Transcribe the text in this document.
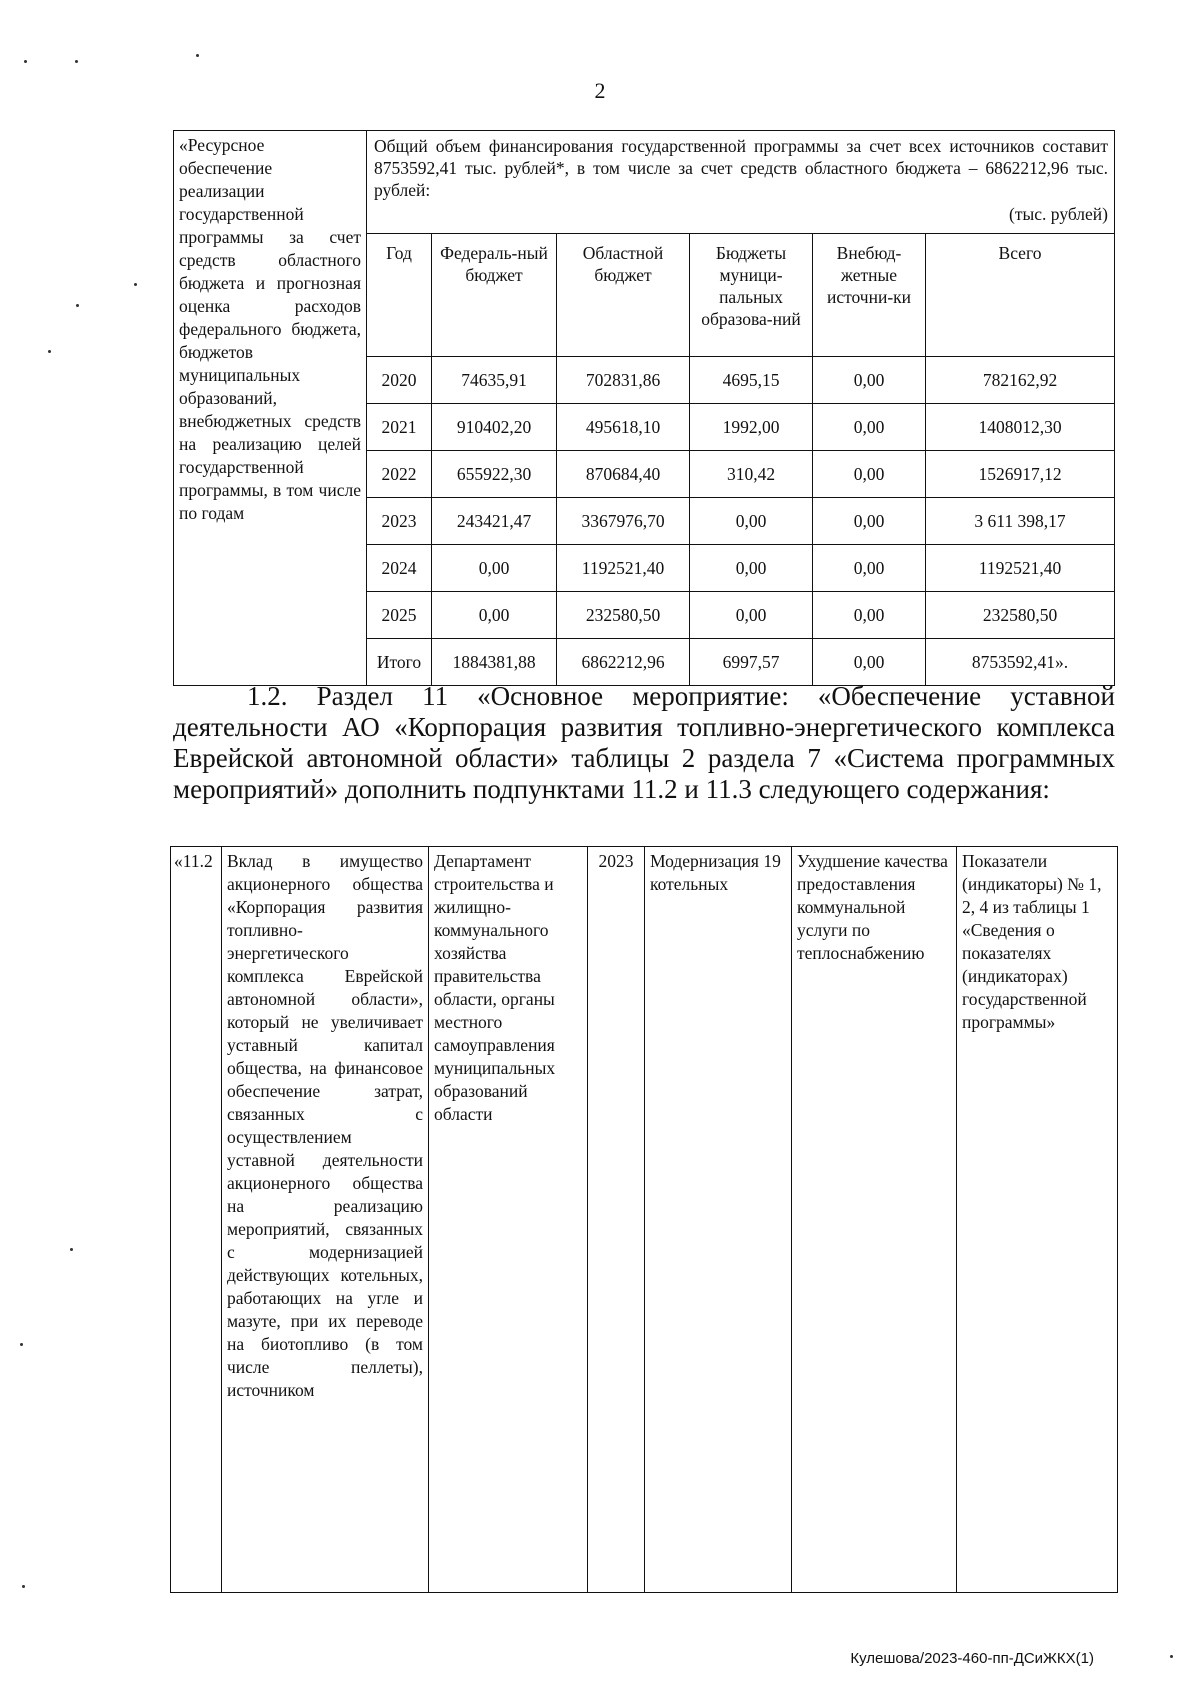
2
«Ресурсное обеспечение реализации государственной программы за счет средств областного бюджета и прогнозная оценка расходов федерального бюджета, бюджетов муниципальных образований, внебюджетных средств на реализацию целей государственной программы, в том числе по годам	Общий объем финансирования государственной программы за счет всех источников составит 8753592,41 тыс. рублей*, в том числе за счет средств областного бюджета – 6862212,96 тыс. рублей:
(тыс. рублей)					

	Год	Федераль-ный бюджет	Областной бюджет	Бюджеты муници-пальных образова-ний	Внебюд-жетные источни-ки	Всего
	2020	74635,91	702831,86	4695,15	0,00	782162,92
	2021	910402,20	495618,10	1992,00	0,00	1408012,30
	2022	655922,30	870684,40	310,42	0,00	1526917,12
	2023	243421,47	3367976,70	0,00	0,00	3 611 398,17
	2024	0,00	1192521,40	0,00	0,00	1192521,40
	2025	0,00	232580,50	0,00	0,00	232580,50
	Итого	1884381,88	6862212,96	6997,57	0,00	8753592,41».
1.2. Раздел 11 «Основное мероприятие: «Обеспечение уставной деятельности АО «Корпорация развития топливно-энергетического комплекса Еврейской автономной области» таблицы 2 раздела 7 «Система программных мероприятий» дополнить подпунктами 11.2 и 11.3 следующего содержания:
«11.2	Вклад в имущество акционерного общества «Корпорация развития топливно-энергетического комплекса Еврейской автономной области», который не увеличивает уставный капитал общества, на финансовое обеспечение затрат, связанных с осуществлением уставной деятельности акционерного общества на реализацию мероприятий, связанных с модернизацией действующих котельных, работающих на угле и мазуте, при их переводе на биотопливо (в том числе пеллеты), источником	Департамент строительства и жилищно-коммунального хозяйства правительства области, органы местного самоуправления муниципальных образований области	2023	Модернизация 19 котельных	Ухудшение качества предоставления коммунальной услуги по теплоснабжению	Показатели (индикаторы) № 1, 2, 4 из таблицы 1 «Сведения о показателях (индикаторах) государственной программы»
Кулешова/2023-460-пп-ДСиЖКХ(1)
